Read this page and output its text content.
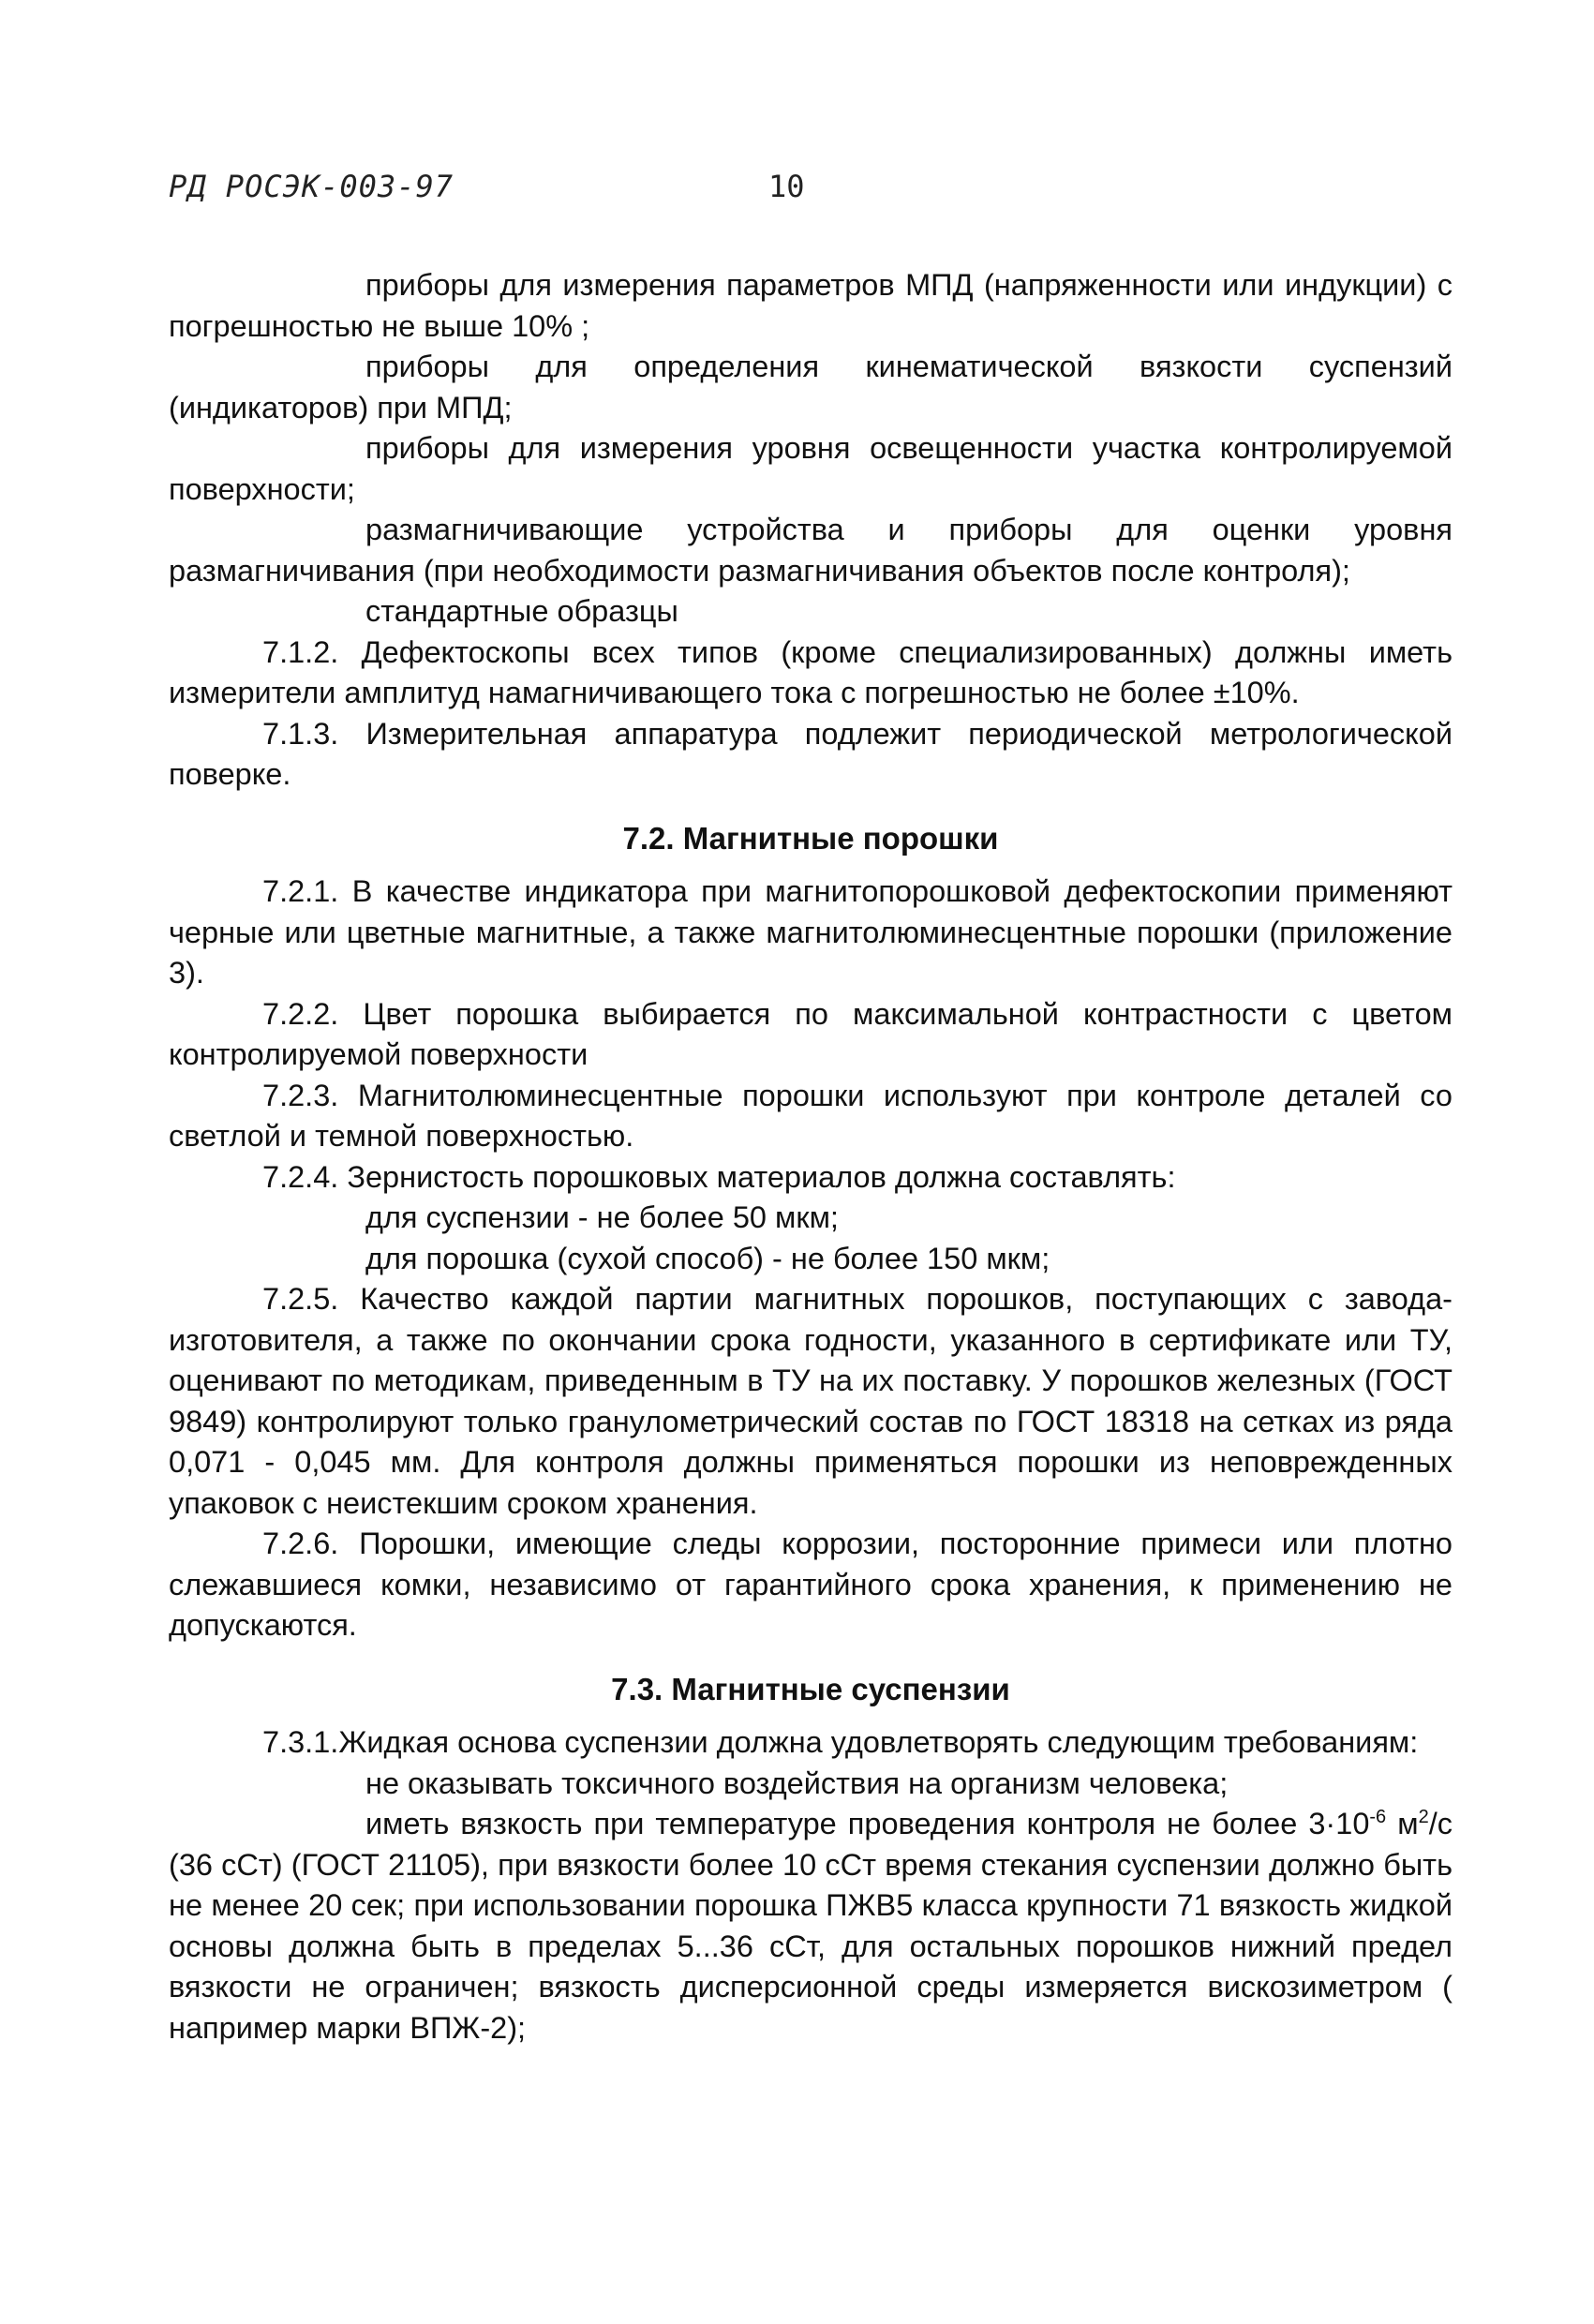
РД РОСЭК-003-97	10

приборы для измерения параметров МПД (напряженности или индукции) с погрешностью не выше 10% ;

приборы для определения кинематической вязкости суспензий (индикаторов) при МПД;

приборы для измерения уровня освещенности участка контролируемой поверхности;

размагничивающие устройства и приборы для оценки уровня размагничивания (при необходимости размагничивания объектов после контроля);

стандартные образцы

7.1.2. Дефектоскопы всех типов (кроме специализированных) должны иметь измерители амплитуд намагничивающего тока с погрешностью не более ±10%.

7.1.3. Измерительная аппаратура подлежит периодической метрологической поверке.

7.2. Магнитные порошки

7.2.1. В качестве индикатора при магнитопорошковой дефектоскопии применяют черные или цветные магнитные, а также магнитолюминесцентные порошки (приложение 3).

7.2.2. Цвет порошка выбирается по максимальной контрастности с цветом контролируемой поверхности

7.2.3. Магнитолюминесцентные порошки используют при контроле деталей со светлой и темной поверхностью.

7.2.4. Зернистость порошковых материалов должна составлять:

для суспензии - не более 50 мкм;

для порошка (сухой способ) - не более 150 мкм;

7.2.5. Качество каждой партии магнитных порошков, поступающих с завода-изготовителя, а также по окончании срока годности, указанного в сертификате или ТУ, оценивают по методикам, приведенным в ТУ на их поставку. У порошков железных (ГОСТ 9849) контролируют только гранулометрический состав по ГОСТ 18318 на сетках из ряда 0,071 - 0,045 мм. Для контроля должны применяться порошки из неповрежденных упаковок с неистекшим сроком хранения.

7.2.6. Порошки, имеющие следы коррозии, посторонние примеси или плотно слежавшиеся комки, независимо от гарантийного срока хранения, к применению не допускаются.

7.3. Магнитные суспензии

7.3.1.Жидкая основа суспензии должна удовлетворять следующим требованиям:

не оказывать токсичного воздействия на организм человека;

иметь вязкость при температуре проведения контроля не более $3\cdot 10^{-6}$ $м^2/с$ (36 сСт) (ГОСТ 21105), при вязкости более 10 сСт время стекания суспензии должно быть не менее 20 сек; при использовании порошка ПЖВ5 класса крупности 71 вязкость жидкой основы должна быть в пределах 5...36 сСт, для остальных порошков нижний предел вязкости не ограничен; вязкость дисперсионной среды измеряется вискозиметром ( например марки ВПЖ-2);
